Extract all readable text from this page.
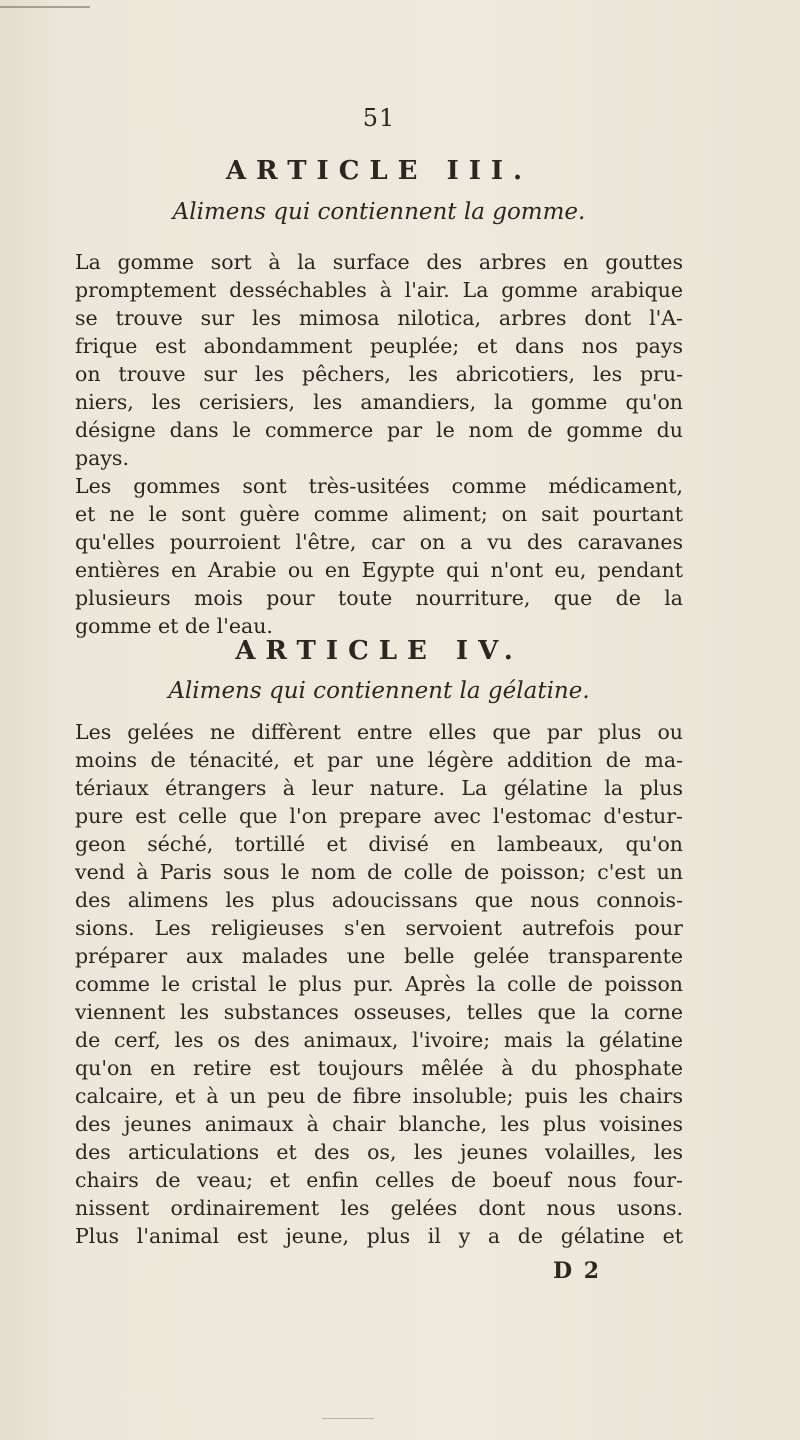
51
ARTICLE III.
Alimens qui contiennent la gomme.
La gomme sort à la surface des arbres en gouttes
promptement desséchables à l'air. La gomme arabique
se trouve sur les mimosa nilotica, arbres dont l'A-
frique est abondamment peuplée; et dans nos pays
on trouve sur les pêchers, les abricotiers, les pru-
niers, les cerisiers, les amandiers, la gomme qu'on
désigne dans le commerce par le nom de gomme du
pays.
Les gommes sont très-usitées comme médicament,
et ne le sont guère comme aliment; on sait pourtant
qu'elles pourroient l'être, car on a vu des caravanes
entières en Arabie ou en Egypte qui n'ont eu, pendant
plusieurs mois pour toute nourriture, que de la
gomme et de l'eau.
ARTICLE IV.
Alimens qui contiennent la gélatine.
Les gelées ne diffèrent entre elles que par plus ou
moins de ténacité, et par une légère addition de ma-
tériaux étrangers à leur nature. La gélatine la plus
pure est celle que l'on prepare avec l'estomac d'estur-
geon séché, tortillé et divisé en lambeaux, qu'on
vend à Paris sous le nom de colle de poisson; c'est un
des alimens les plus adoucissans que nous connois-
sions. Les religieuses s'en servoient autrefois pour
préparer aux malades une belle gelée transparente
comme le cristal le plus pur. Après la colle de poisson
viennent les substances osseuses, telles que la corne
de cerf, les os des animaux, l'ivoire; mais la gélatine
qu'on en retire est toujours mêlée à du phosphate
calcaire, et à un peu de fibre insoluble; puis les chairs
des jeunes animaux à chair blanche, les plus voisines
des articulations et des os, les jeunes volailles, les
chairs de veau; et enfin celles de boeuf nous four-
nissent ordinairement les gelées dont nous usons.
Plus l'animal est jeune, plus il y a de gélatine et
D 2
